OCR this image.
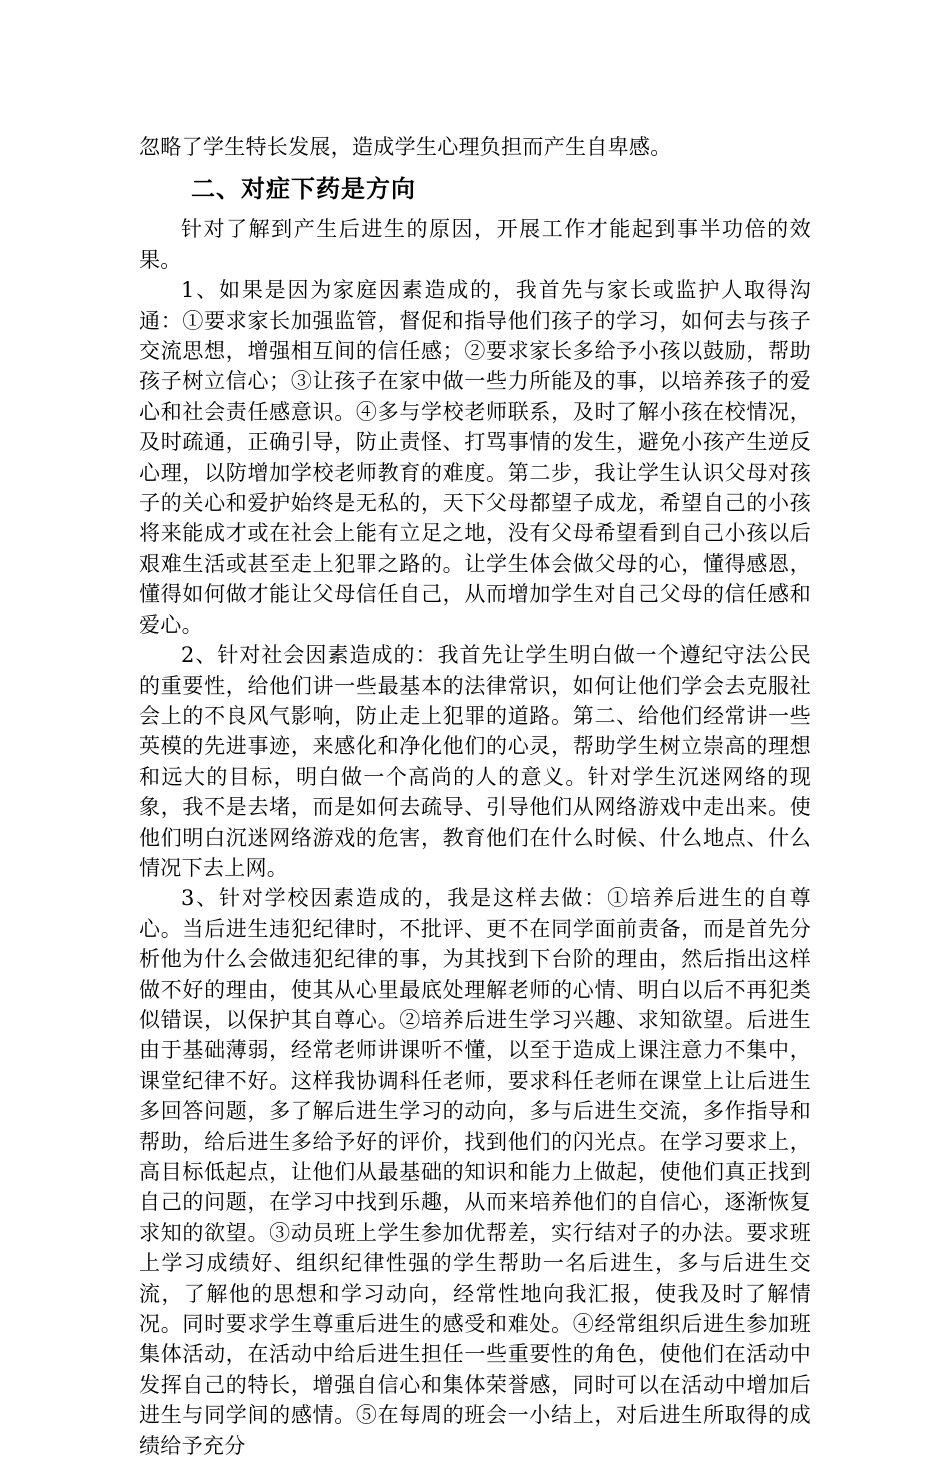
忽略了学生特长发展，造成学生心理负担而产生自卑感。

二、对症下药是方向

针对了解到产生后进生的原因，开展工作才能起到事半功倍的效果。

1、如果是因为家庭因素造成的，我首先与家长或监护人取得沟通：①要求家长加强监管，督促和指导他们孩子的学习，如何去与孩子交流思想，增强相互间的信任感；②要求家长多给予小孩以鼓励，帮助孩子树立信心；③让孩子在家中做一些力所能及的事，以培养孩子的爱心和社会责任感意识。④多与学校老师联系，及时了解小孩在校情况，及时疏通，正确引导，防止责怪、打骂事情的发生，避免小孩产生逆反心理，以防增加学校老师教育的难度。第二步，我让学生认识父母对孩子的关心和爱护始终是无私的，天下父母都望子成龙，希望自己的小孩将来能成才或在社会上能有立足之地，没有父母希望看到自己小孩以后艰难生活或甚至走上犯罪之路的。让学生体会做父母的心，懂得感恩，懂得如何做才能让父母信任自己，从而增加学生对自己父母的信任感和爱心。

2、针对社会因素造成的：我首先让学生明白做一个遵纪守法公民的重要性，给他们讲一些最基本的法律常识，如何让他们学会去克服社会上的不良风气影响，防止走上犯罪的道路。第二、给他们经常讲一些英模的先进事迹，来感化和净化他们的心灵，帮助学生树立崇高的理想和远大的目标，明白做一个高尚的人的意义。针对学生沉迷网络的现象，我不是去堵，而是如何去疏导、引导他们从网络游戏中走出来。使他们明白沉迷网络游戏的危害，教育他们在什么时候、什么地点、什么情况下去上网。

3、针对学校因素造成的，我是这样去做：①培养后进生的自尊心。当后进生违犯纪律时，不批评、更不在同学面前责备，而是首先分析他为什么会做违犯纪律的事，为其找到下台阶的理由，然后指出这样做不好的理由，使其从心里最底处理解老师的心情、明白以后不再犯类似错误，以保护其自尊心。②培养后进生学习兴趣、求知欲望。后进生由于基础薄弱，经常老师讲课听不懂，以至于造成上课注意力不集中，课堂纪律不好。这样我协调科任老师，要求科任老师在课堂上让后进生多回答问题，多了解后进生学习的动向，多与后进生交流，多作指导和帮助，给后进生多给予好的评价，找到他们的闪光点。在学习要求上，高目标低起点，让他们从最基础的知识和能力上做起，使他们真正找到自己的问题，在学习中找到乐趣，从而来培养他们的自信心，逐渐恢复求知的欲望。③动员班上学生参加优帮差，实行结对子的办法。要求班上学习成绩好、组织纪律性强的学生帮助一名后进生，多与后进生交流，了解他的思想和学习动向，经常性地向我汇报，使我及时了解情况。同时要求学生尊重后进生的感受和难处。④经常组织后进生参加班集体活动，在活动中给后进生担任一些重要性的角色，使他们在活动中发挥自己的特长，增强自信心和集体荣誉感，同时可以在活动中增加后进生与同学间的感情。⑤在每周的班会一小结上，对后进生所取得的成绩给予充分
